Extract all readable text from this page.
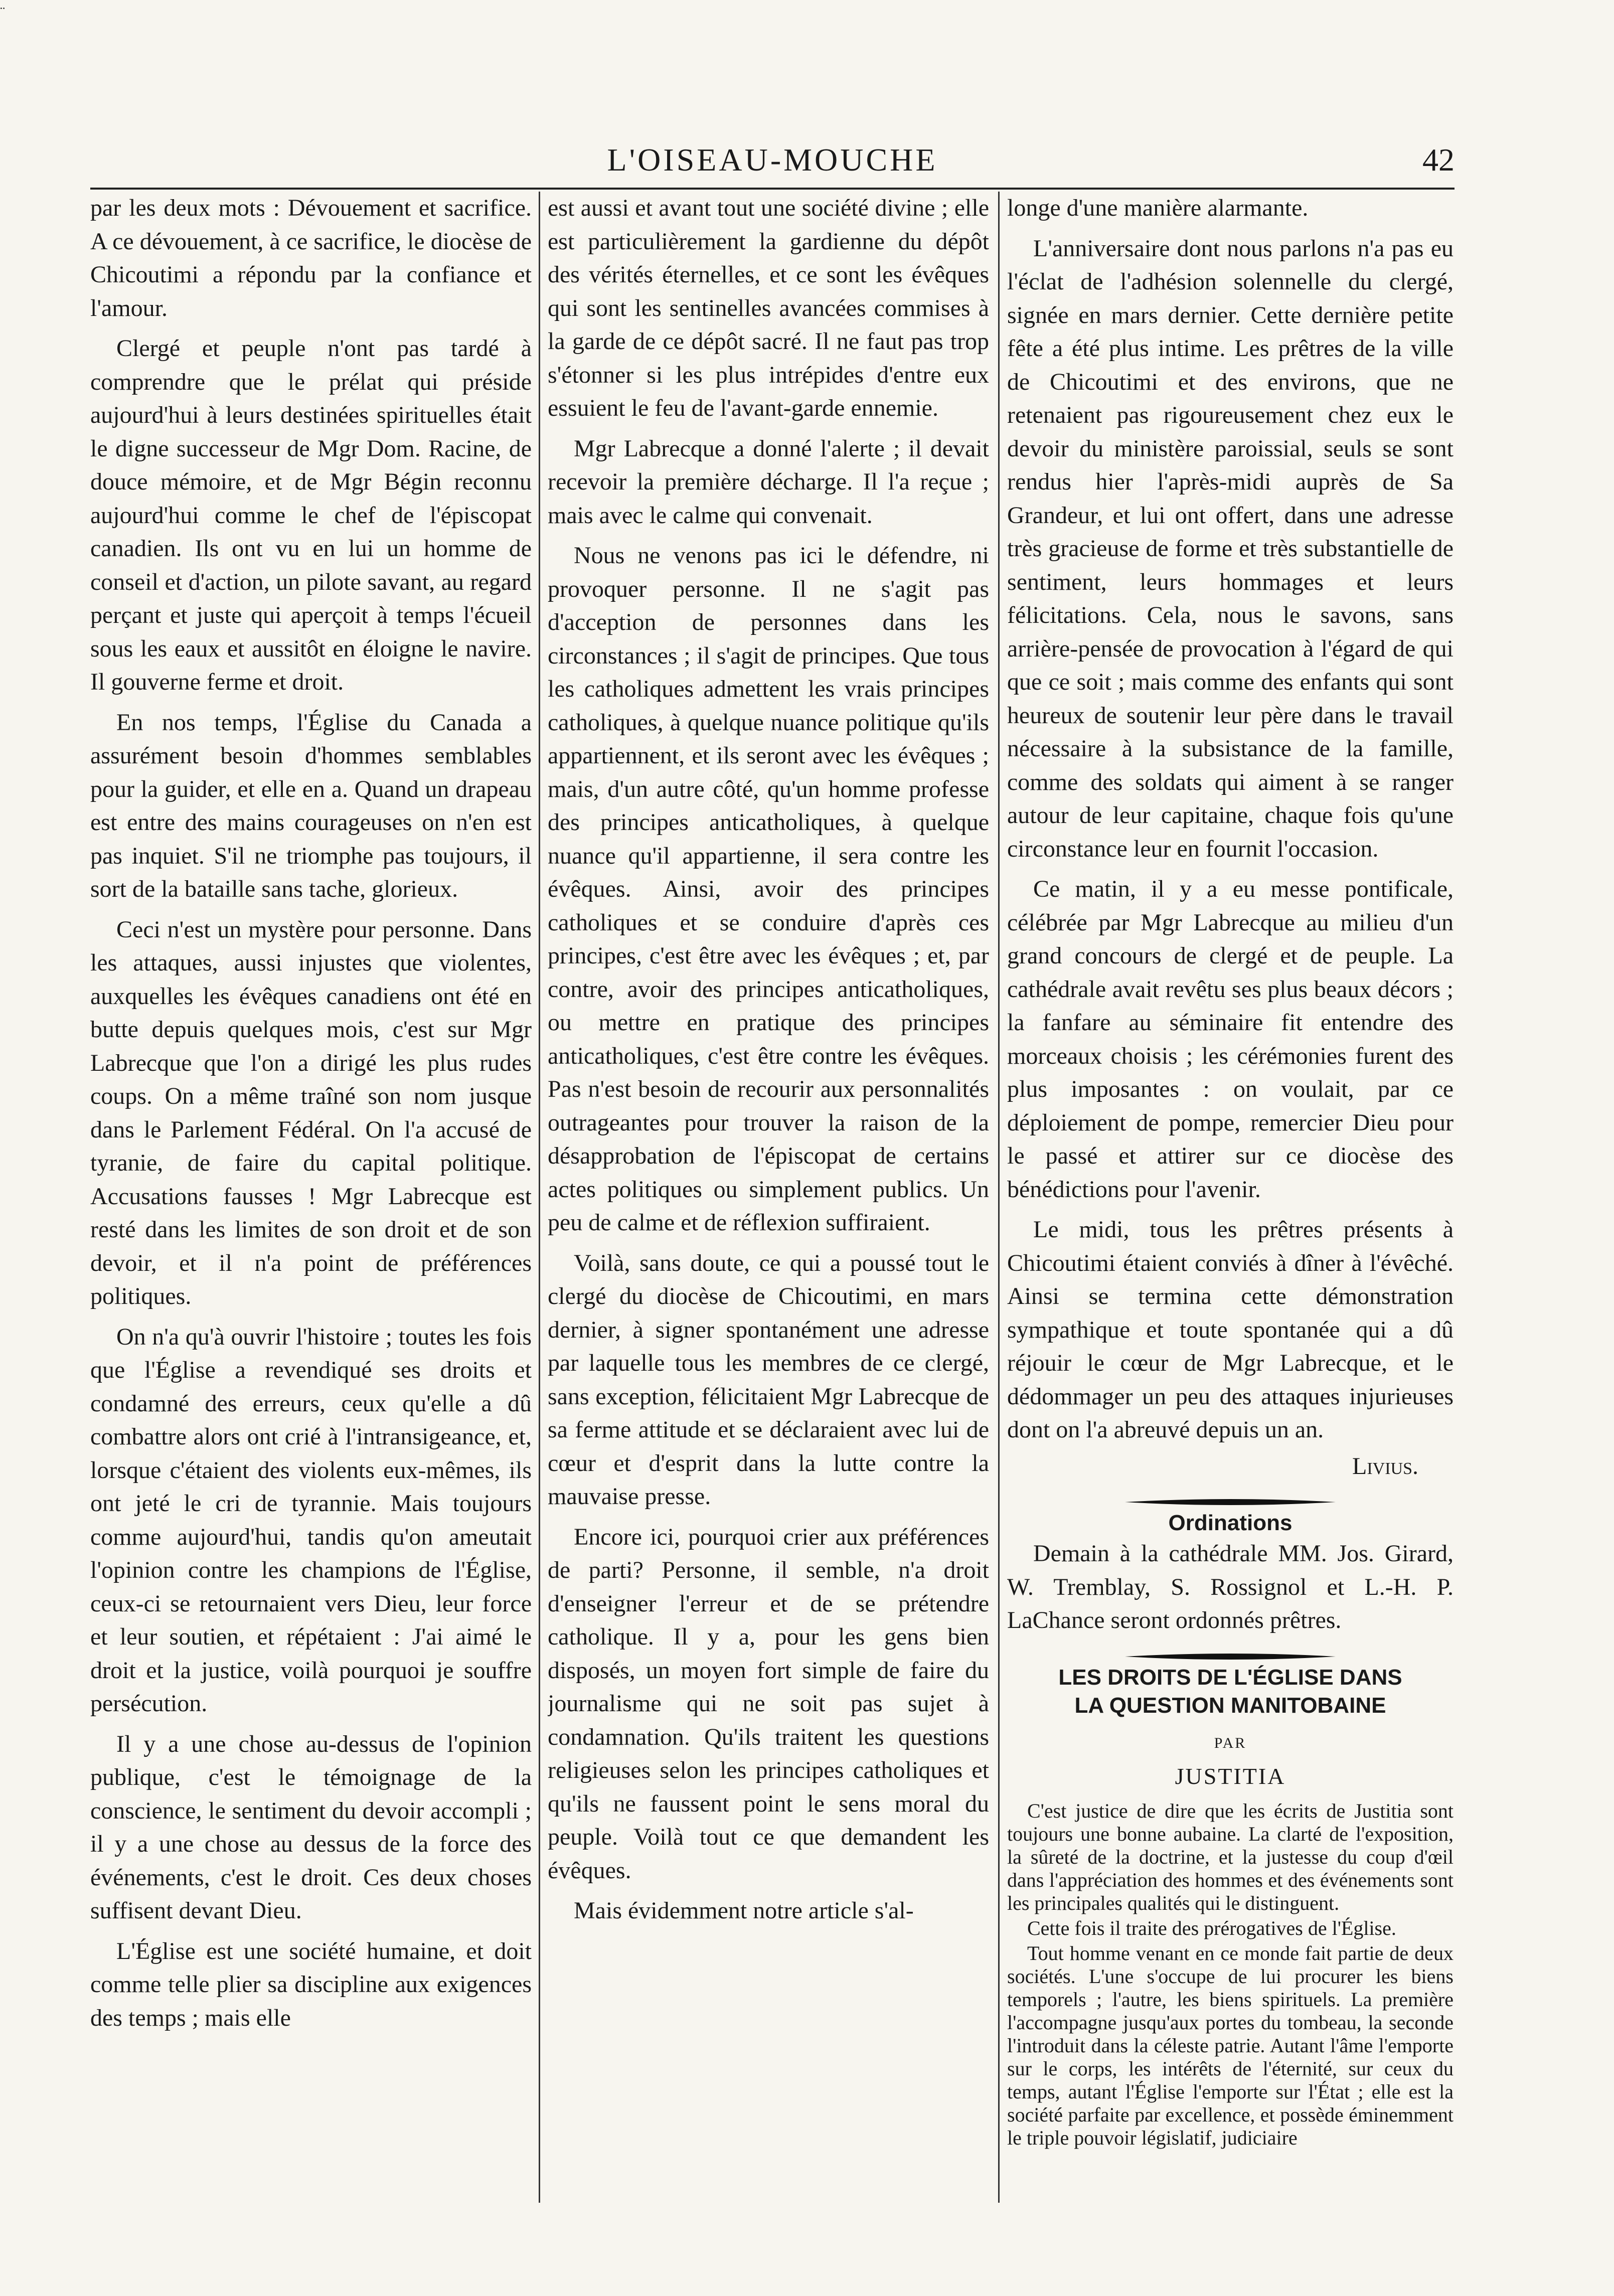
¨
L'OISEAU-MOUCHE	42

par les deux mots : Dévouement et sacrifice. A ce dévouement, à ce sacrifice, le diocèse de Chicoutimi a répondu par la confiance et l'amour.

Clergé et peuple n'ont pas tardé à comprendre que le prélat qui préside aujourd'hui à leurs destinées spirituelles était le digne successeur de Mgr Dom. Racine, de douce mémoire, et de Mgr Bégin reconnu aujourd'hui comme le chef de l'épiscopat canadien. Ils ont vu en lui un homme de conseil et d'action, un pilote savant, au regard perçant et juste qui aperçoit à temps l'écueil sous les eaux et aussitôt en éloigne le navire. Il gouverne ferme et droit.

En nos temps, l'Église du Canada a assurément besoin d'hommes semblables pour la guider, et elle en a. Quand un drapeau est entre des mains courageuses on n'en est pas inquiet. S'il ne triomphe pas toujours, il sort de la bataille sans tache, glorieux.

Ceci n'est un mystère pour personne. Dans les attaques, aussi injustes que violentes, auxquelles les évêques canadiens ont été en butte depuis quelques mois, c'est sur Mgr Labrecque que l'on a dirigé les plus rudes coups. On a même traîné son nom jusque dans le Parlement Fédéral. On l'a accusé de tyranie, de faire du capital politique. Accusations fausses ! Mgr Labrecque est resté dans les limites de son droit et de son devoir, et il n'a point de préférences politiques.

On n'a qu'à ouvrir l'histoire ; toutes les fois que l'Église a revendiqué ses droits et condamné des erreurs, ceux qu'elle a dû combattre alors ont crié à l'intransigeance, et, lorsque c'étaient des violents eux-mêmes, ils ont jeté le cri de tyrannie. Mais toujours comme aujourd'hui, tandis qu'on ameutait l'opinion contre les champions de l'Église, ceux-ci se retournaient vers Dieu, leur force et leur soutien, et répétaient : J'ai aimé le droit et la justice, voilà pourquoi je souffre persécution.

Il y a une chose au-dessus de l'opinion publique, c'est le témoignage de la conscience, le sentiment du devoir accompli ; il y a une chose au dessus de la force des événements, c'est le droit. Ces deux choses suffisent devant Dieu.

L'Église est une société humaine, et doit comme telle plier sa discipline aux exigences des temps ; mais elle

est aussi et avant tout une société divine ; elle est particulièrement la gardienne du dépôt des vérités éternelles, et ce sont les évêques qui sont les sentinelles avancées commises à la garde de ce dépôt sacré. Il ne faut pas trop s'étonner si les plus intrépides d'entre eux essuient le feu de l'avant-garde ennemie.

Mgr Labrecque a donné l'alerte ; il devait recevoir la première décharge. Il l'a reçue ; mais avec le calme qui convenait.

Nous ne venons pas ici le défendre, ni provoquer personne. Il ne s'agit pas d'acception de personnes dans les circonstances ; il s'agit de principes. Que tous les catholiques admettent les vrais principes catholiques, à quelque nuance politique qu'ils appartiennent, et ils seront avec les évêques ; mais, d'un autre côté, qu'un homme professe des principes anticatholiques, à quelque nuance qu'il appartienne, il sera contre les évêques. Ainsi, avoir des principes catholiques et se conduire d'après ces principes, c'est être avec les évêques ; et, par contre, avoir des principes anticatholiques, ou mettre en pratique des principes anticatholiques, c'est être contre les évêques. Pas n'est besoin de recourir aux personnalités outrageantes pour trouver la raison de la désapprobation de l'épiscopat de certains actes politiques ou simplement publics. Un peu de calme et de réflexion suffiraient.

Voilà, sans doute, ce qui a poussé tout le clergé du diocèse de Chicoutimi, en mars dernier, à signer spontanément une adresse par laquelle tous les membres de ce clergé, sans exception, félicitaient Mgr Labrecque de sa ferme attitude et se déclaraient avec lui de cœur et d'esprit dans la lutte contre la mauvaise presse.

Encore ici, pourquoi crier aux préférences de parti? Personne, il semble, n'a droit d'enseigner l'erreur et de se prétendre catholique. Il y a, pour les gens bien disposés, un moyen fort simple de faire du journalisme qui ne soit pas sujet à condamnation. Qu'ils traitent les questions religieuses selon les principes catholiques et qu'ils ne faussent point le sens moral du peuple. Voilà tout ce que demandent les évêques.

Mais évidemment notre article s'al-

longe d'une manière alarmante.

L'anniversaire dont nous parlons n'a pas eu l'éclat de l'adhésion solennelle du clergé, signée en mars dernier. Cette dernière petite fête a été plus intime. Les prêtres de la ville de Chicoutimi et des environs, que ne retenaient pas rigoureusement chez eux le devoir du ministère paroissial, seuls se sont rendus hier l'après-midi auprès de Sa Grandeur, et lui ont offert, dans une adresse très gracieuse de forme et très substantielle de sentiment, leurs hommages et leurs félicitations. Cela, nous le savons, sans arrière-pensée de provocation à l'égard de qui que ce soit ; mais comme des enfants qui sont heureux de soutenir leur père dans le travail nécessaire à la subsistance de la famille, comme des soldats qui aiment à se ranger autour de leur capitaine, chaque fois qu'une circonstance leur en fournit l'occasion.

Ce matin, il y a eu messe pontificale, célébrée par Mgr Labrecque au milieu d'un grand concours de clergé et de peuple. La cathédrale avait revêtu ses plus beaux décors ; la fanfare au séminaire fit entendre des morceaux choisis ; les cérémonies furent des plus imposantes : on voulait, par ce déploiement de pompe, remercier Dieu pour le passé et attirer sur ce diocèse des bénédictions pour l'avenir.

Le midi, tous les prêtres présents à Chicoutimi étaient conviés à dîner à l'évêché. Ainsi se termina cette démonstration sympathique et toute spontanée qui a dû réjouir le cœur de Mgr Labrecque, et le dédommager un peu des attaques injurieuses dont on l'a abreuvé depuis un an.

Livius.
Ordinations

Demain à la cathédrale MM. Jos. Girard, W. Tremblay, S. Rossignol et L.-H. P. LaChance seront ordonnés prêtres.

LES DROITS DE L'ÉGLISE DANS
LA QUESTION MANITOBAINE
PAR
JUSTITIA

C'est justice de dire que les écrits de Justitia sont toujours une bonne aubaine. La clarté de l'exposition, la sûreté de la doctrine, et la justesse du coup d'œil dans l'appréciation des hommes et des événements sont les principales qualités qui le distinguent.

Cette fois il traite des prérogatives de l'Église.

Tout homme venant en ce monde fait partie de deux sociétés. L'une s'occupe de lui procurer les biens temporels ; l'autre, les biens spirituels. La première l'accompagne jusqu'aux portes du tombeau, la seconde l'introduit dans la céleste patrie. Autant l'âme l'emporte sur le corps, les intérêts de l'éternité, sur ceux du temps, autant l'Église l'emporte sur l'État ; elle est la société parfaite par excellence, et possède éminemment le triple pouvoir législatif, judiciaire
